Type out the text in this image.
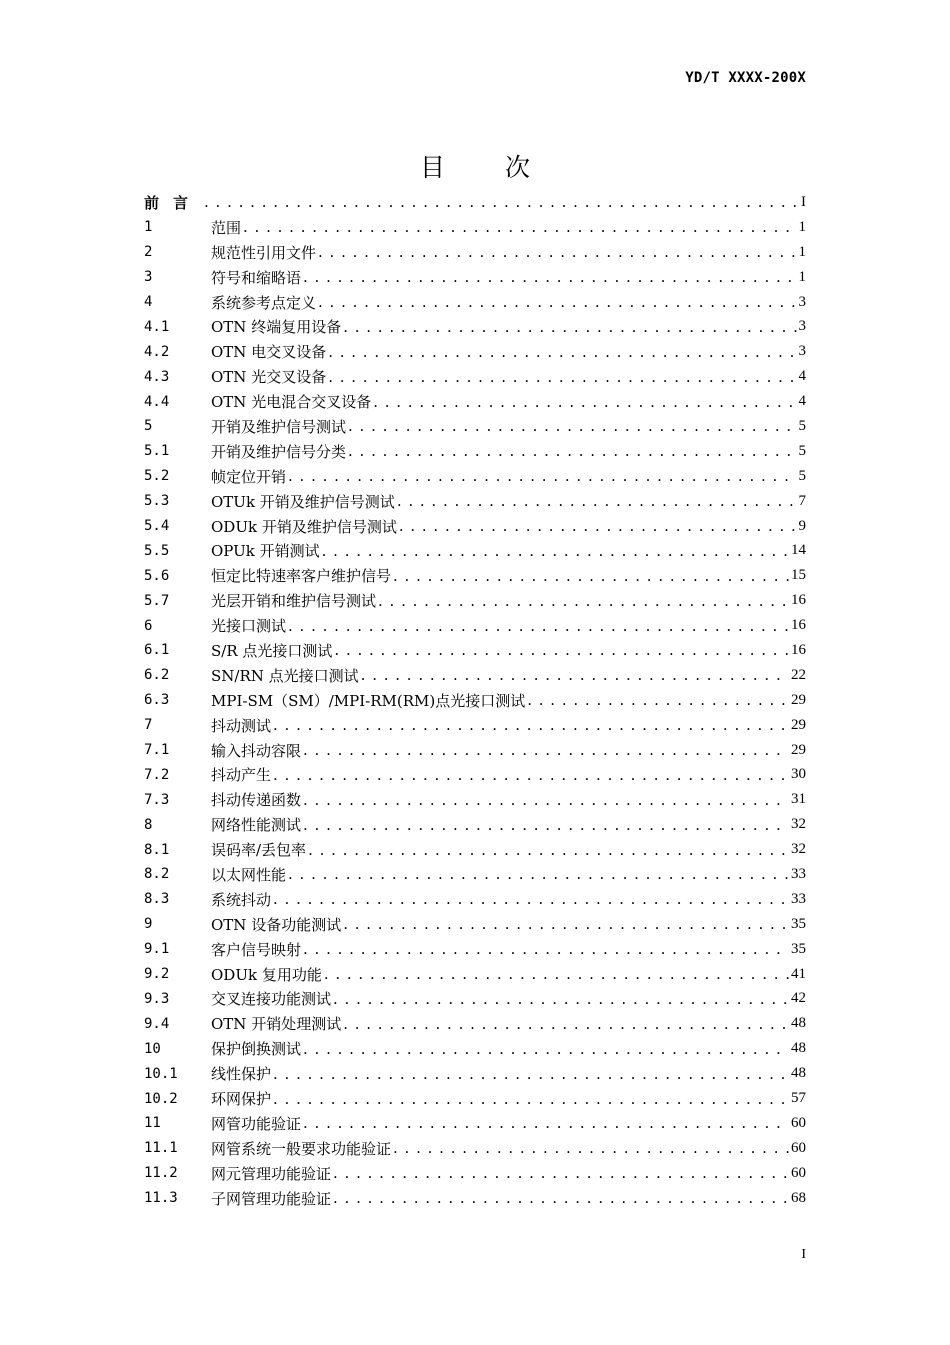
YD/T XXXX-200X
目 次
前言 . . .	I
1	范围 . . .	1
2	规范性引用文件 . . .	1
3	符号和缩略语 . . .	1
4	系统参考点定义 . . .	3
4.1	OTN 终端复用设备 . . .	3
4.2	OTN 电交叉设备 . . .	3
4.3	OTN 光交叉设备 . . .	4
4.4	OTN 光电混合交叉设备 . . .	4
5	开销及维护信号测试 . . .	5
5.1	开销及维护信号分类 . . .	5
5.2	帧定位开销 . . .	5
5.3	OTUk 开销及维护信号测试 . . .	7
5.4	ODUk 开销及维护信号测试 . . .	9
5.5	OPUk 开销测试 . . .	14
5.6	恒定比特速率客户维护信号 . . .	15
5.7	光层开销和维护信号测试 . . .	16
6	光接口测试 . . .	16
6.1	S/R 点光接口测试 . . .	16
6.2	SN/RN 点光接口测试 . . .	22
6.3	MPI-SM（SM）/MPI-RM(RM)点光接口测试 . . .	29
7	抖动测试 . . .	29
7.1	输入抖动容限 . . .	29
7.2	抖动产生 . . .	30
7.3	抖动传递函数 . . .	31
8	网络性能测试 . . .	32
8.1	误码率/丢包率 . . .	32
8.2	以太网性能 . . .	33
8.3	系统抖动 . . .	33
9	OTN 设备功能测试 . . .	35
9.1	客户信号映射 . . .	35
9.2	ODUk 复用功能 . . .	41
9.3	交叉连接功能测试 . . .	42
9.4	OTN 开销处理测试 . . .	48
10	保护倒换测试 . . .	48
10.1	线性保护 . . .	48
10.2	环网保护 . . .	57
11	网管功能验证 . . .	60
11.1	网管系统一般要求功能验证 . . .	60
11.2	网元管理功能验证 . . .	60
11.3	子网管理功能验证 . . .	68
I
